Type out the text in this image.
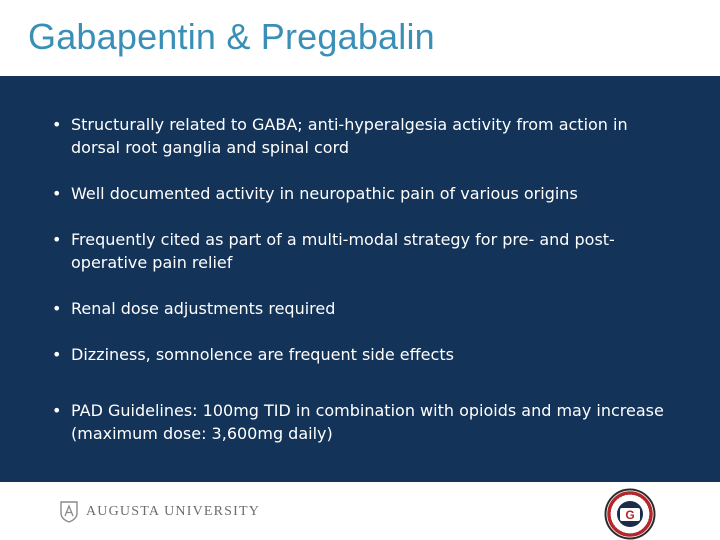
Gabapentin & Pregabalin
• Structurally related to GABA; anti-hyperalgesia activity from action in dorsal root ganglia and spinal cord
• Well documented activity in neuropathic pain of various origins
• Frequently cited as part of a multi-modal strategy for pre- and post-operative pain relief
• Renal dose adjustments required
• Dizziness, somnolence are frequent side effects
• PAD Guidelines: 100mg TID in combination with opioids and may increase (maximum dose: 3,600mg daily)
AUGUSTA UNIVERSITY	G
